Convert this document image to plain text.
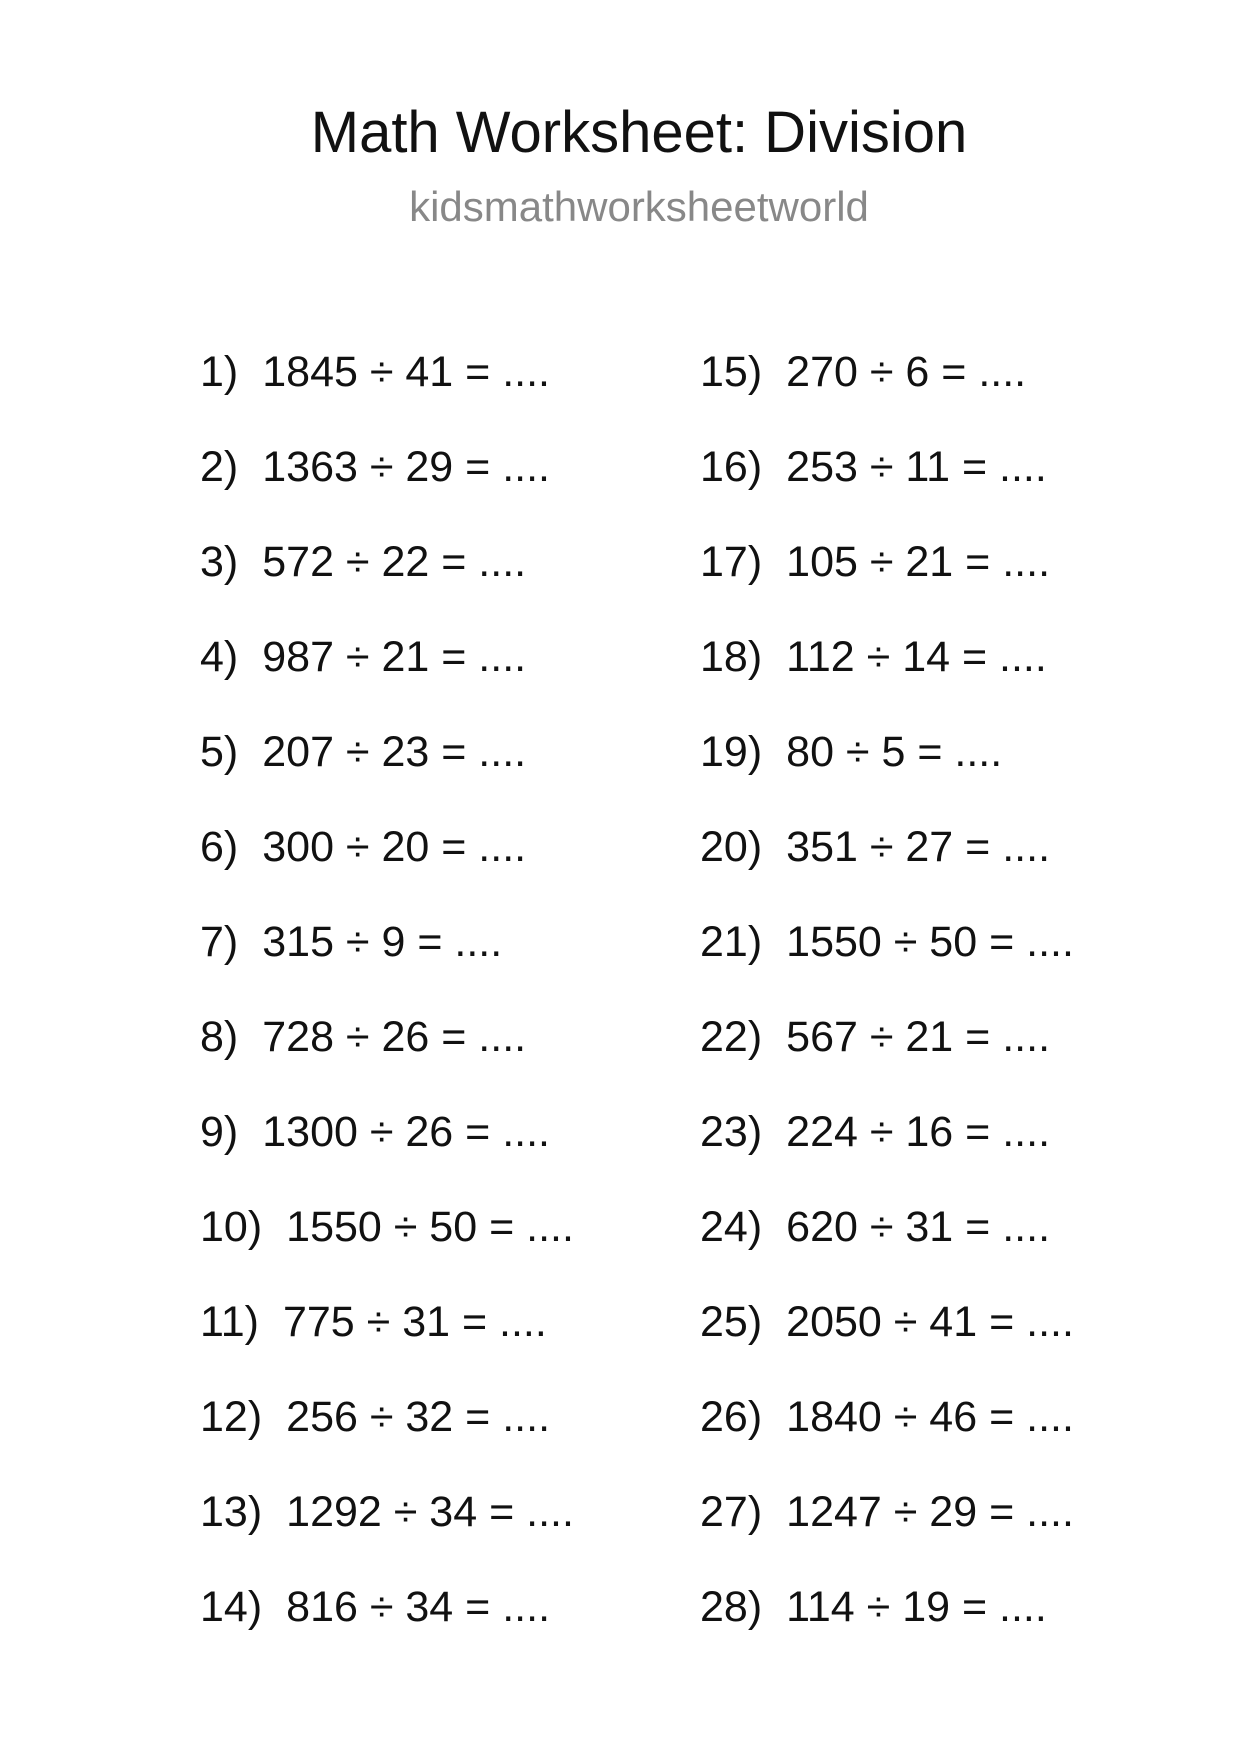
Math Worksheet: Division
kidsmathworksheetworld
1) 1845 ÷ 41 = ....
2) 1363 ÷ 29 = ....
3) 572 ÷ 22 = ....
4) 987 ÷ 21 = ....
5) 207 ÷ 23 = ....
6) 300 ÷ 20 = ....
7) 315 ÷ 9 = ....
8) 728 ÷ 26 = ....
9) 1300 ÷ 26 = ....
10) 1550 ÷ 50 = ....
11) 775 ÷ 31 = ....
12) 256 ÷ 32 = ....
13) 1292 ÷ 34 = ....
14) 816 ÷ 34 = ....
15) 270 ÷ 6 = ....
16) 253 ÷ 11 = ....
17) 105 ÷ 21 = ....
18) 112 ÷ 14 = ....
19) 80 ÷ 5 = ....
20) 351 ÷ 27 = ....
21) 1550 ÷ 50 = ....
22) 567 ÷ 21 = ....
23) 224 ÷ 16 = ....
24) 620 ÷ 31 = ....
25) 2050 ÷ 41 = ....
26) 1840 ÷ 46 = ....
27) 1247 ÷ 29 = ....
28) 114 ÷ 19 = ....
